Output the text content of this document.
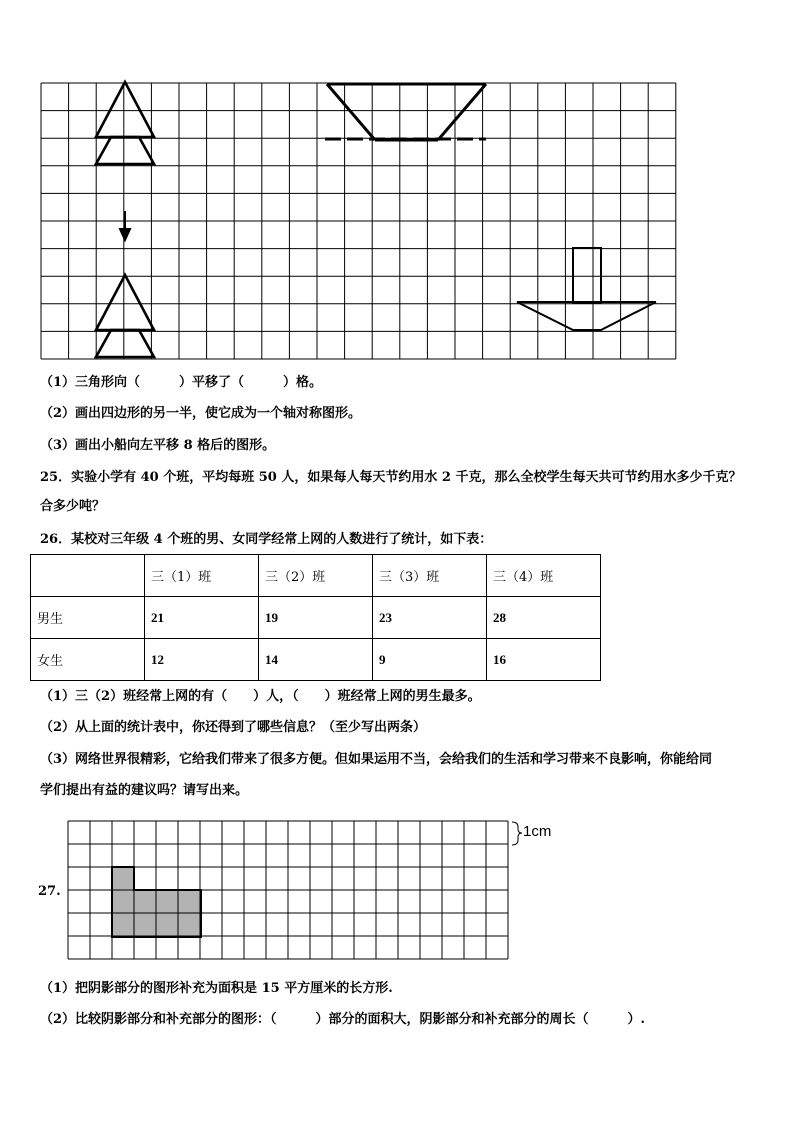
（1）三角形向（　　　）平移了（　　　）格。
（2）画出四边形的另一半，使它成为一个轴对称图形。
（3）画出小船向左平移 8 格后的图形。
25．实验小学有 40 个班，平均每班 50 人，如果每人每天节约用水 2 千克，那么全校学生每天共可节约用水多少千克？
合多少吨？
26．某校对三年级 4 个班的男、女同学经常上网的人数进行了统计，如下表：
	三（1）班	三（2）班	三（3）班	三（4）班
男生	21	19	23	28
女生	12	14	9	16
（1）三（2）班经常上网的有（　　）人，（　　）班经常上网的男生最多。
（2）从上面的统计表中，你还得到了哪些信息？（至少写出两条）
（3）网络世界很精彩，它给我们带来了很多方便。但如果运用不当，会给我们的生活和学习带来不良影响，你能给同
学们提出有益的建议吗？请写出来。
1cm
27.
（1）把阴影部分的图形补充为面积是 15 平方厘米的长方形.
（2）比较阴影部分和补充部分的图形：（　　　）部分的面积大，阴影部分和补充部分的周长（　　　）.
